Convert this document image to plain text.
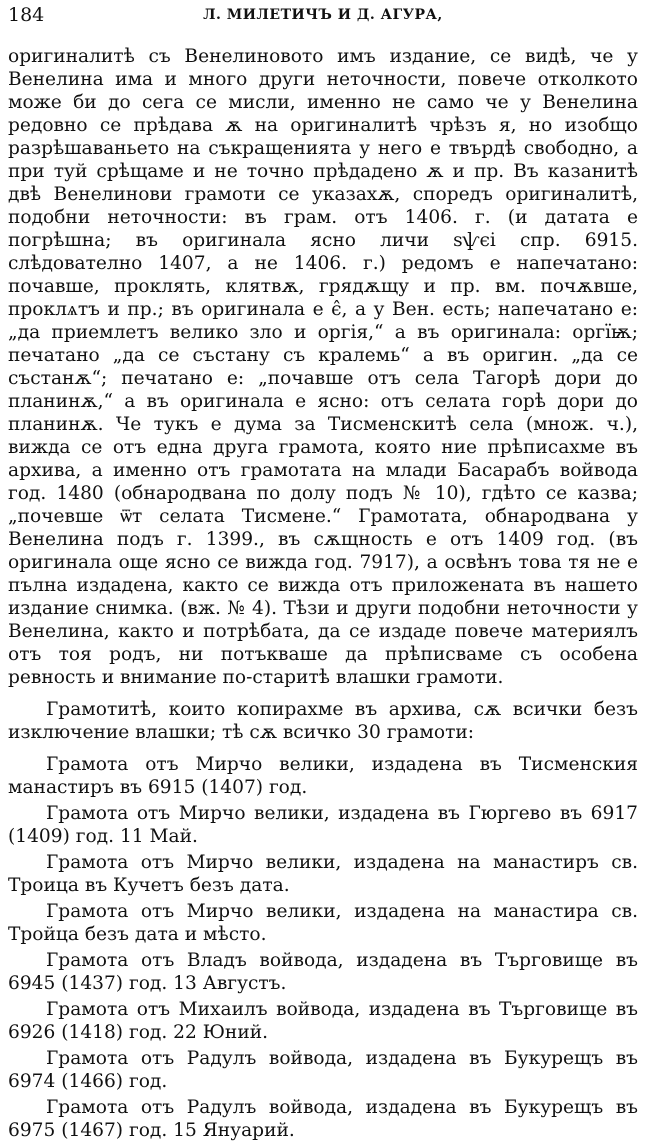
184	Л. МИЛЕТИЧЪ И Д. АГУРА,

оригиналитѣ съ Венелиновото имъ издание, се видѣ, че у Венелина има и много други неточности, повече отколкото може би до сега се мисли, именно не само че у Венелина редовно се прѣдава ѫ на оригиналитѣ чрѣзъ я, но изобщо разрѣшаваньето на съкращенията у него е твърдѣ свободно, а при туй срѣщаме и не точно прѣдадено ѫ и пр. Въ казанитѣ двѣ Венелинови грамоти се указахѫ, споредъ оригиналитѣ, подобни неточности: въ грам. отъ 1406. г. (и датата е погрѣшна; въ оригинала ясно личи ѕѱєі спр. 6915. слѣдователно 1407, а не 1406. г.) редомъ е напечатано: почавше, проклять, клятвѫ, грядѫщу и пр. вм. почѫвше, проклѧтъ и пр.; въ оригинала е є̂, а у Вен. есть; напечатано е: „да приемлетъ велико зло и оргія,“ а въ оригинала: оргїѭ; печатано „да се състану съ кралемь“ а въ оригин. „да се състанѫ“; печатано е: „почавше отъ села Тагорѣ дори до планинѫ,“ а въ оригинала е ясно: отъ селата горѣ дори до планинѫ. Че тукъ е дума за Тисменскитѣ села (множ. ч.), вижда се отъ една друга грамота, която ние прѣписахме въ архива, а именно отъ грамотата на млади Басарабъ войвода год. 1480 (обнародвана по долу подъ № 10), гдѣто се казва; „почевше ѿт селата Тисмене.“ Грамотата, обнародвана у Венелина подъ г. 1399., въ сѫщность е отъ 1409 год. (въ оригинала още ясно се вижда год. 7917), а освѣнъ това тя не е пълна издадена, както се вижда отъ приложената въ нашето издание снимка. (вж. № 4). Тѣзи и други подобни неточности у Венелина, както и потрѣбата, да се издаде повече материялъ отъ тоя родъ, ни потъкваше да прѣписваме съ особена ревность и внимание по-старитѣ влашки грамоти.

Грамотитѣ, които копирахме въ архива, сѫ всички безъ изключение влашки; тѣ сѫ всичко 30 грамоти:

Грамота отъ Мирчо велики, издадена въ Тисменския манастиръ въ 6915 (1407) год.

Грамота отъ Мирчо велики, издадена въ Гюргево въ 6917 (1409) год. 11 Май.

Грамота отъ Мирчо велики, издадена на манастиръ св. Троица въ Кучетъ безъ дата.

Грамота отъ Мирчо велики, издадена на манастира св. Тройца безъ дата и мѣсто.

Грамота отъ Владъ войвода, издадена въ Търговище въ 6945 (1437) год. 13 Августъ.

Грамота отъ Михаилъ войвода, издадена въ Търговище въ 6926 (1418) год. 22 Юний.

Грамота отъ Радулъ войвода, издадена въ Букурещъ въ 6974 (1466) год.

Грамота отъ Радулъ войвода, издадена въ Букурещъ въ 6975 (1467) год. 15 Януарий.
